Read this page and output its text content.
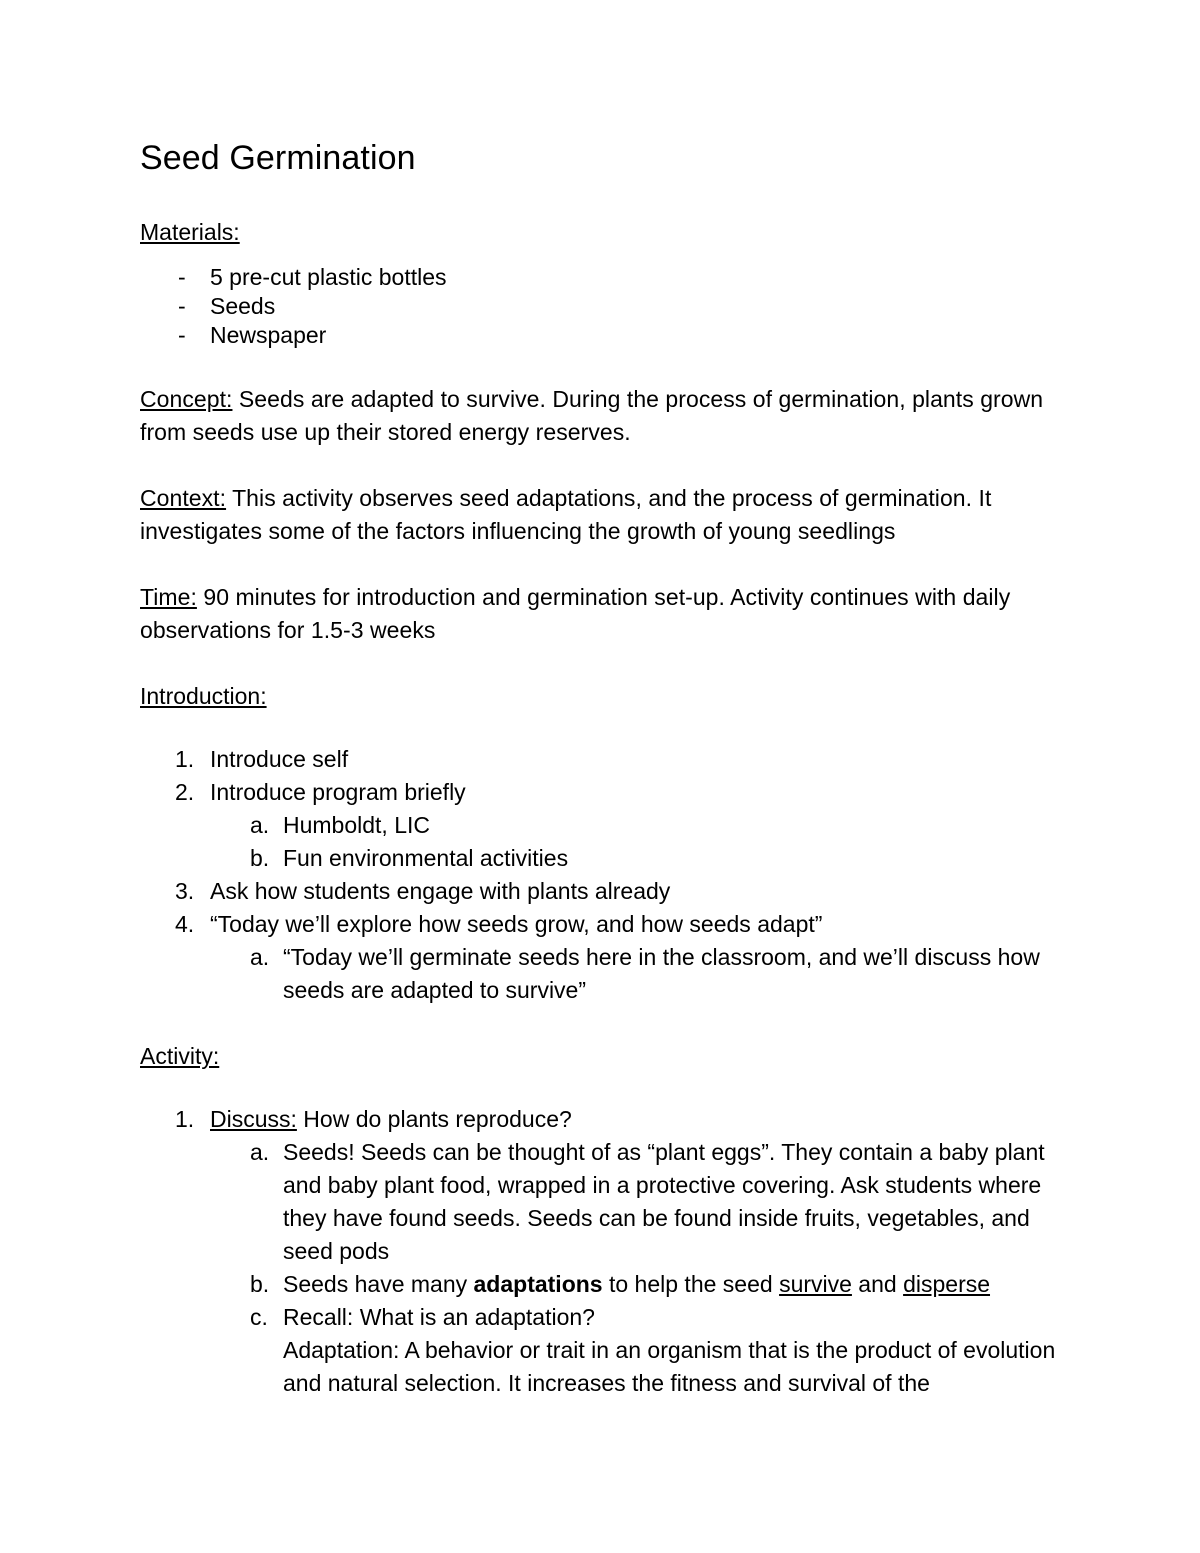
Seed Germination
Materials:
- 5 pre-cut plastic bottles
- Seeds
- Newspaper

Concept: Seeds are adapted to survive. During the process of germination, plants grown from seeds use up their stored energy reserves.

Context: This activity observes seed adaptations, and the process of germination. It investigates some of the factors influencing the growth of young seedlings

Time: 90 minutes for introduction and germination set-up. Activity continues with daily observations for 1.5-3 weeks

Introduction:
Introduce self
Introduce program briefly
Humboldt, LIC
Fun environmental activities
Ask how students engage with plants already
“Today we’ll explore how seeds grow, and how seeds adapt”
“Today we’ll germinate seeds here in the classroom, and we’ll discuss how seeds are adapted to survive”
Activity:
Discuss: How do plants reproduce?
Seeds! Seeds can be thought of as “plant eggs”. They contain a baby plant and baby plant food, wrapped in a protective covering. Ask students where they have found seeds. Seeds can be found inside fruits, vegetables, and seed pods
Seeds have many adaptations to help the seed survive and disperse
Recall: What is an adaptation?
Adaptation: A behavior or trait in an organism that is the product of evolution and natural selection. It increases the fitness and survival of the
